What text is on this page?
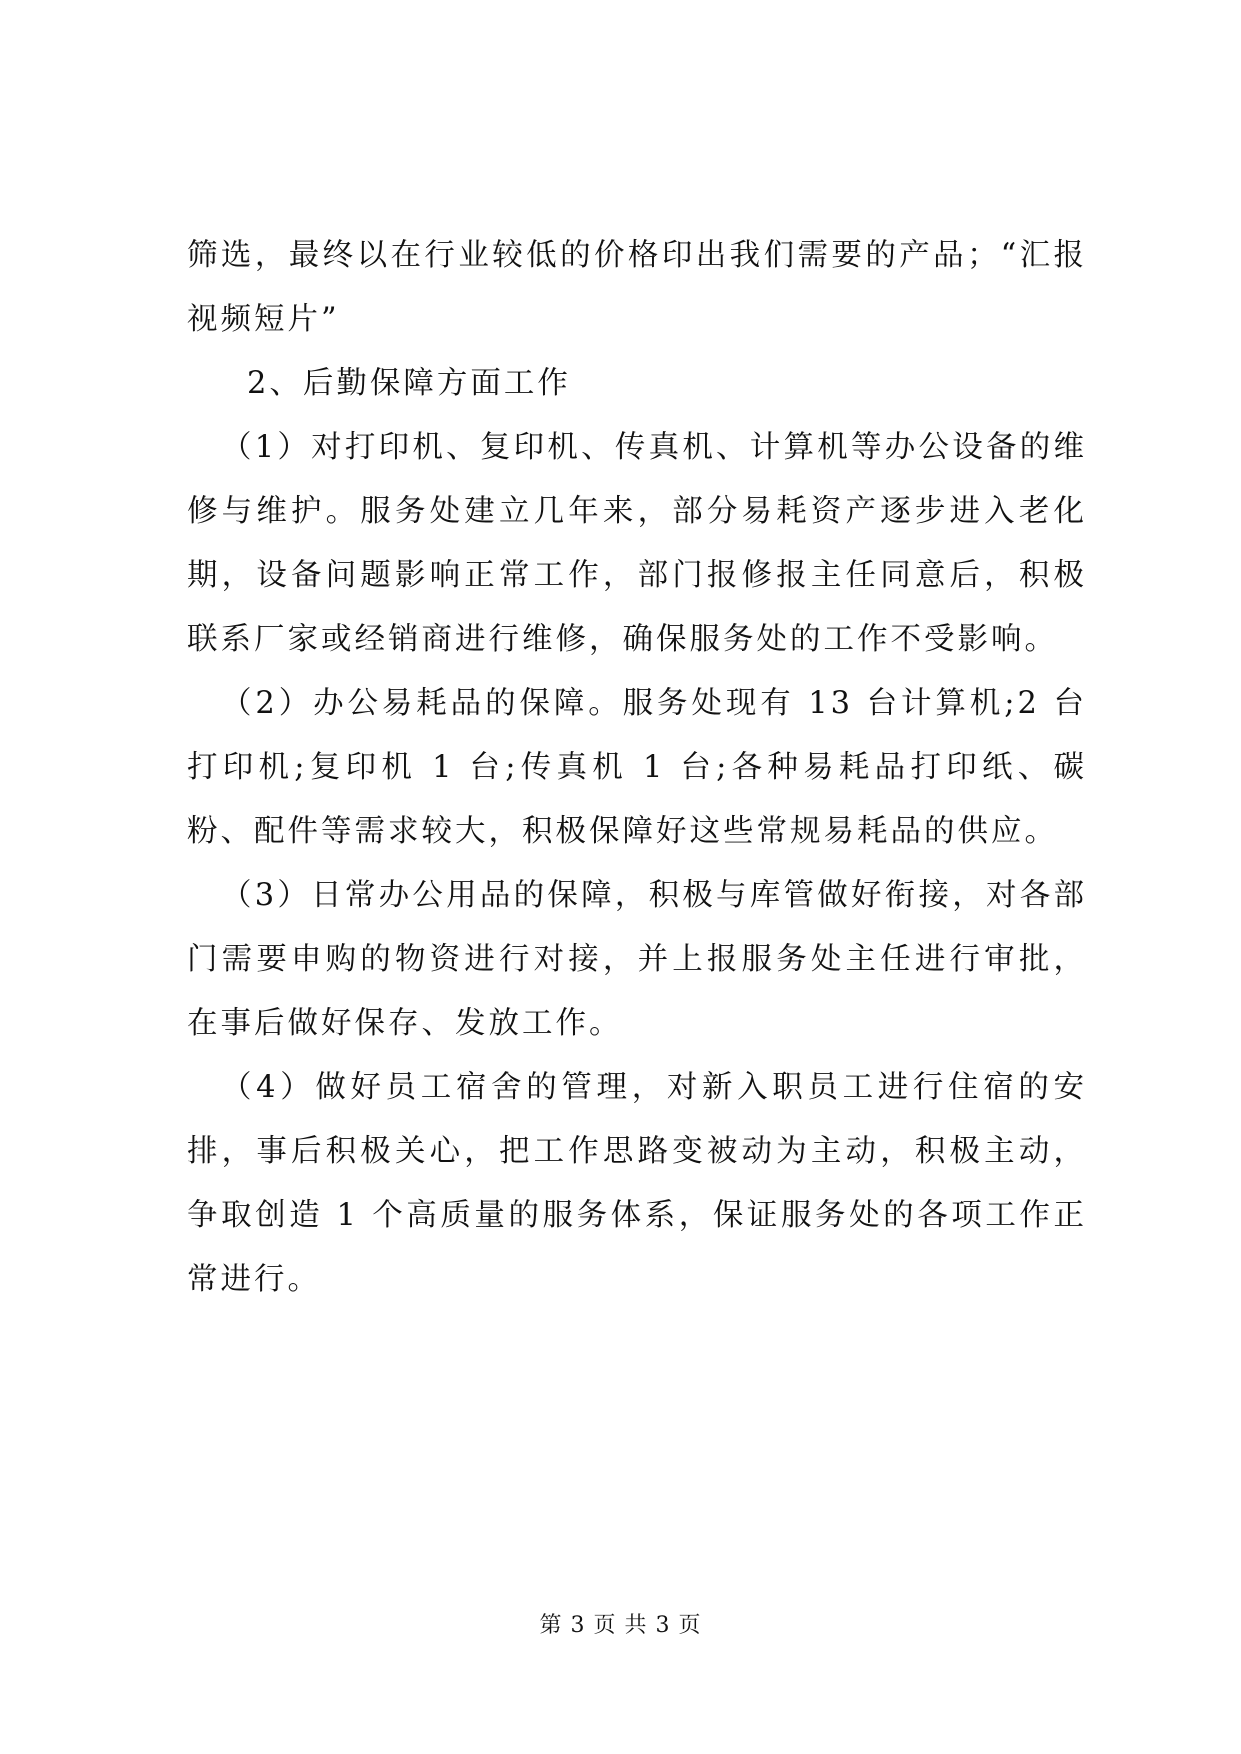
筛选，最终以在行业较低的价格印出我们需要的产品；“汇报视频短片”

2、后勤保障方面工作

（1）对打印机、复印机、传真机、计算机等办公设备的维修与维护。服务处建立几年来，部分易耗资产逐步进入老化期，设备问题影响正常工作，部门报修报主任同意后，积极联系厂家或经销商进行维修，确保服务处的工作不受影响。

（2）办公易耗品的保障。服务处现有 13 台计算机;2 台打印机;复印机 1 台;传真机 1 台;各种易耗品打印纸、碳粉、配件等需求较大，积极保障好这些常规易耗品的供应。

（3）日常办公用品的保障，积极与库管做好衔接，对各部门需要申购的物资进行对接，并上报服务处主任进行审批，在事后做好保存、发放工作。

（4）做好员工宿舍的管理，对新入职员工进行住宿的安排，事后积极关心，把工作思路变被动为主动，积极主动，争取创造 1 个高质量的服务体系，保证服务处的各项工作正常进行。

第 3 页 共 3 页
